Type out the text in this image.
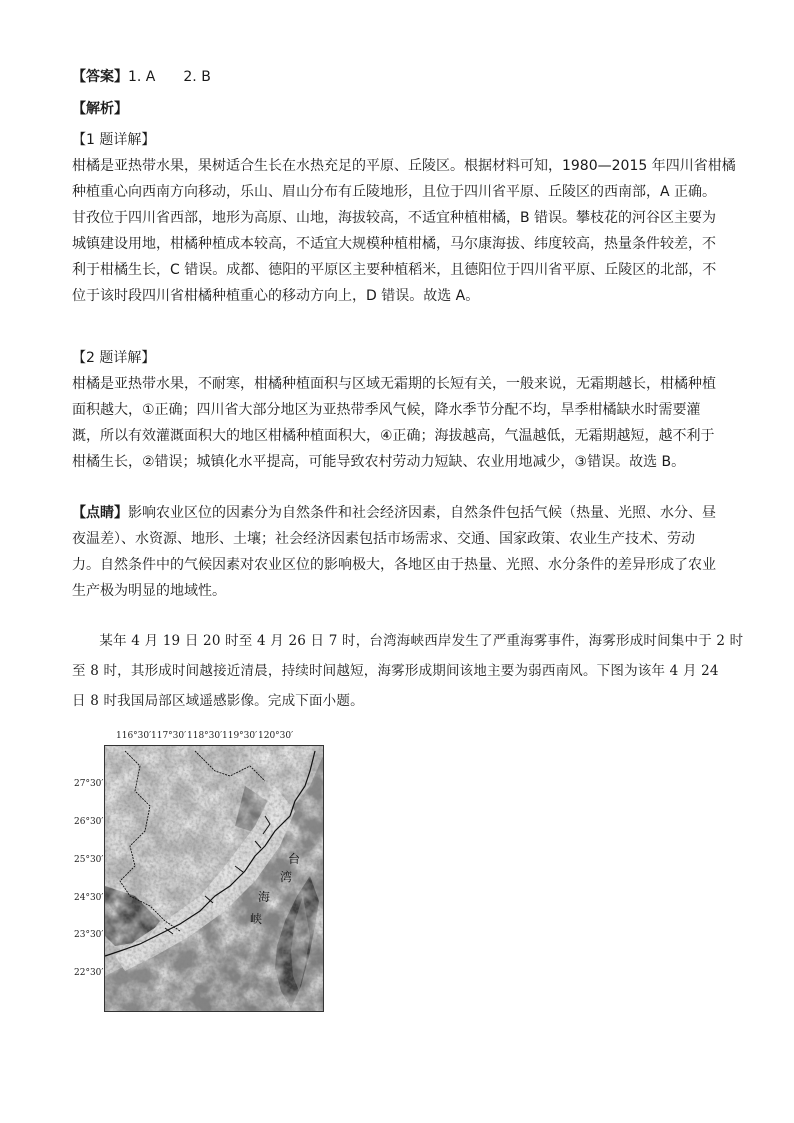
【答案】1. A　　2. B
【解析】
【1 题详解】
柑橘是亚热带水果，果树适合生长在水热充足的平原、丘陵区。根据材料可知，1980—2015 年四川省柑橘
种植重心向西南方向移动，乐山、眉山分布有丘陵地形，且位于四川省平原、丘陵区的西南部，A 正确。
甘孜位于四川省西部，地形为高原、山地，海拔较高，不适宜种植柑橘，B 错误。攀枝花的河谷区主要为
城镇建设用地，柑橘种植成本较高，不适宜大规模种植柑橘，马尔康海拔、纬度较高，热量条件较差，不
利于柑橘生长，C 错误。成都、德阳的平原区主要种植稻米，且德阳位于四川省平原、丘陵区的北部，不
位于该时段四川省柑橘种植重心的移动方向上，D 错误。故选 A。
【2 题详解】
柑橘是亚热带水果，不耐寒，柑橘种植面积与区域无霜期的长短有关，一般来说，无霜期越长，柑橘种植
面积越大，①正确；四川省大部分地区为亚热带季风气候，降水季节分配不均，旱季柑橘缺水时需要灌
溉，所以有效灌溉面积大的地区柑橘种植面积大，④正确；海拔越高，气温越低，无霜期越短，越不利于
柑橘生长，②错误；城镇化水平提高，可能导致农村劳动力短缺、农业用地减少，③错误。故选 B。
【点睛】影响农业区位的因素分为自然条件和社会经济因素，自然条件包括气候（热量、光照、水分、昼
夜温差）、水资源、地形、土壤；社会经济因素包括市场需求、交通、国家政策、农业生产技术、劳动
力。自然条件中的气候因素对农业区位的影响极大，各地区由于热量、光照、水分条件的差异形成了农业
生产极为明显的地域性。
　　某年 4 月 19 日 20 时至 4 月 26 日 7 时，台湾海峡西岸发生了严重海雾事件，海雾形成时间集中于 2 时
至 8 时，其形成时间越接近清晨，持续时间越短，海雾形成期间该地主要为弱西南风。下图为该年 4 月 24
日 8 时我国局部区域遥感影像。完成下面小题。
116°30′ 117°30′ 118°30′ 119°30′ 120°30′
27°30′
26°30′
25°30′
24°30′
23°30′
22°30′
台
湾
海
峡
